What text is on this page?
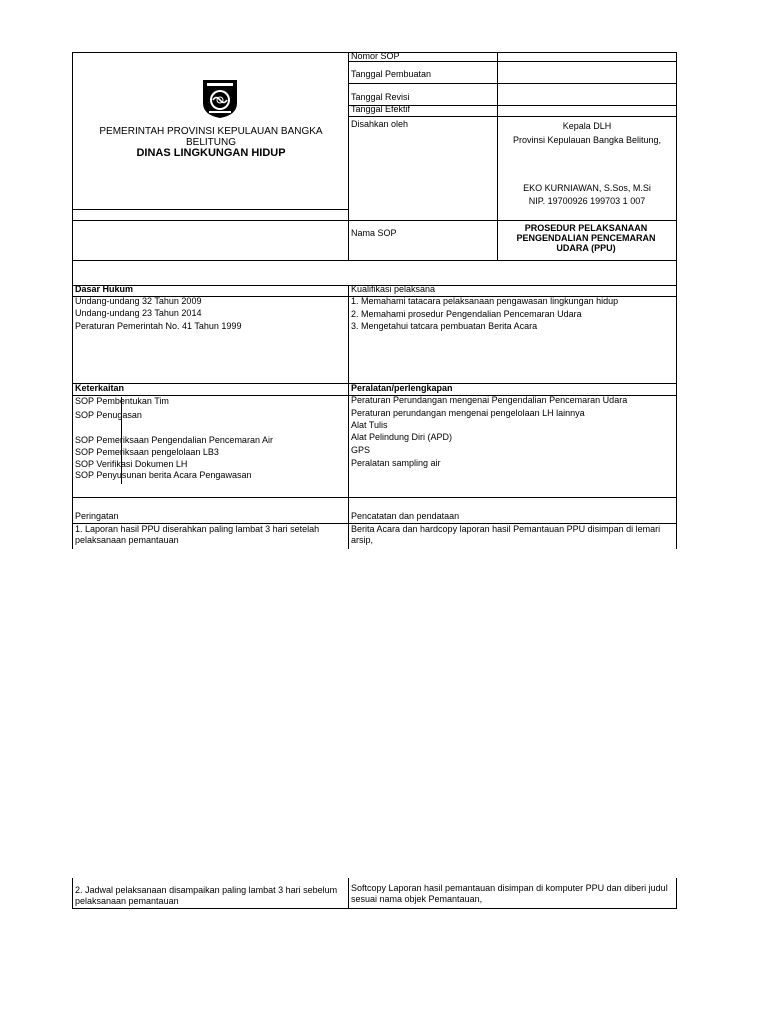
PEMERINTAH PROVINSI KEPULAUAN BANGKA BELITUNG
DINAS LINGKUNGAN HIDUP
Nomor SOP
Tanggal Pembuatan
Tanggal Revisi
Tanggal Efektif
Disahkan oleh	Kepala DLH
Provinsi Kepulauan Bangka Belitung,
EKO KURNIAWAN, S.Sos, M.Si
NIP. 19700926 199703 1 007
Nama SOP	PROSEDUR PELAKSANAAN PENGENDALIAN PENCEMARAN UDARA (PPU)
Dasar Hukum
Undang-undang 32 Tahun 2009
Undang-undang 23 Tahun 2014
Peraturan Pemerintah No. 41 Tahun 1999
Kualifikasi pelaksana
1. Memahami tatacara pelaksanaan pengawasan lingkungan hidup
2. Memahami prosedur Pengendalian Pencemaran Udara
3. Mengetahui tatcara pembuatan Berita Acara
Keterkaitan
SOP Pembentukan Tim
SOP Penugasan
SOP Pemeriksaan Pengendalian Pencemaran Air
SOP Pemeriksaan pengelolaan LB3
SOP Verifikasi Dokumen LH
SOP Penyusunan berita Acara Pengawasan
Peralatan/perlengkapan
Peraturan Perundangan mengenai Pengendalian Pencemaran Udara
Peraturan perundangan mengenai pengelolaan LH lainnya
Alat Tulis
Alat Pelindung Diri (APD)
GPS
Peralatan sampling air
Peringatan
1. Laporan hasil PPU diserahkan paling lambat 3 hari setelah pelaksanaan pemantauan
Pencatatan dan pendataan
Berita Acara dan hardcopy laporan hasil Pemantauan PPU disimpan di lemari arsip,
2. Jadwal pelaksanaan disampaikan paling lambat 3 hari sebelum pelaksanaan pemantauan
Softcopy Laporan hasil pemantauan disimpan di komputer PPU dan diberi judul sesuai nama objek Pemantauan,
